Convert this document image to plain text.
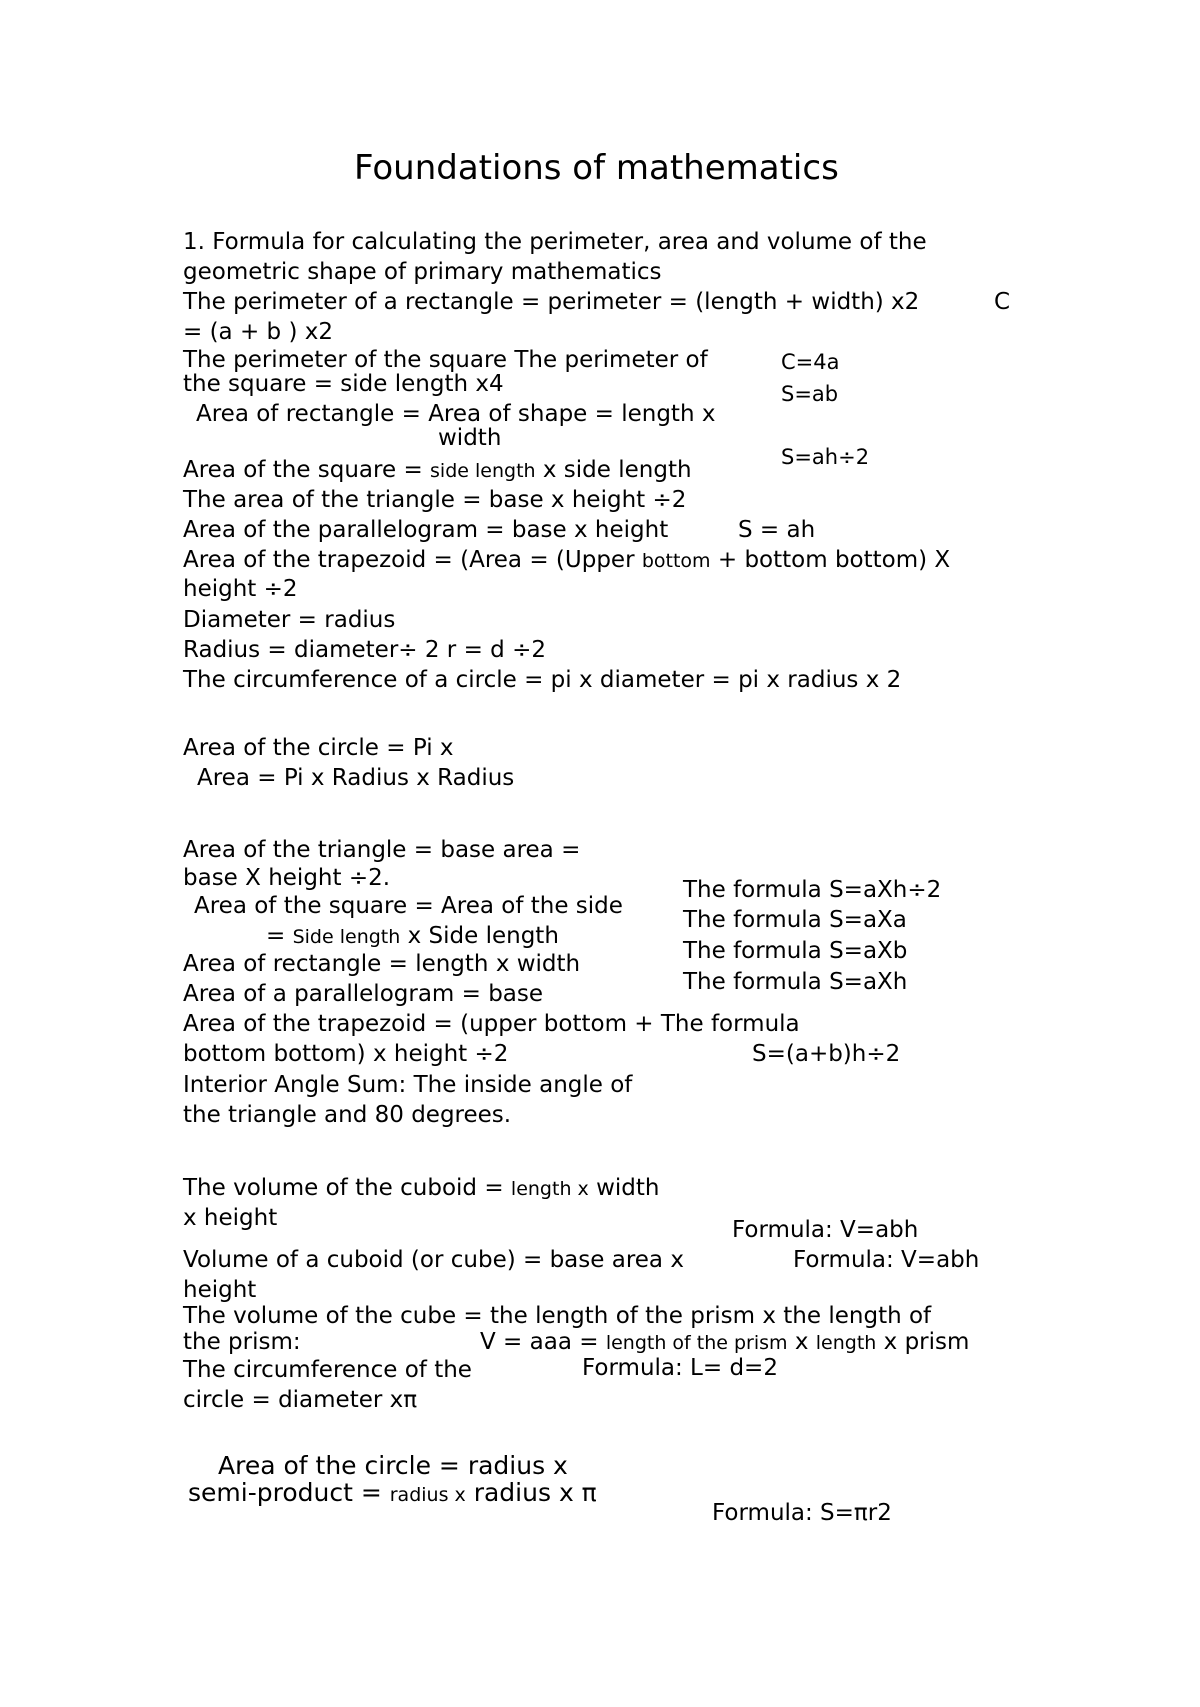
Foundations of mathematics
1. Formula for calculating the perimeter, area and volume of the
geometric shape of primary mathematics
The perimeter of a rectangle = perimeter = (length + width) x2	C
= (a + b ) x2
The perimeter of the square The perimeter of
the square = side length x4
Area of rectangle = Area of shape = length x
width
Area of the square = side length x side length
The area of the triangle = base x height ÷2
Area of the parallelogram = base x height	S = ah
Area of the trapezoid = (Area = (Upper bottom + bottom bottom) X
height ÷2
Diameter = radius
Radius = diameter÷ 2 r = d ÷2
The circumference of a circle = pi x diameter = pi x radius x 2
Area of the circle = Pi x
Area = Pi x Radius x Radius
Area of the triangle = base area =
base X height ÷2.
Area of the square = Area of the side
= Side length x Side length
Area of rectangle = length x width
Area of a parallelogram = base
Area of the trapezoid = (upper bottom + The formula
bottom bottom) x height ÷2	S=(a+b)h÷2
Interior Angle Sum: The inside angle of
the triangle and 80 degrees.
The volume of the cuboid = length x width
x height	Formula: V=abh
Volume of a cuboid (or cube) = base area x	Formula: V=abh
height
The volume of the cube = the length of the prism x the length of
the prism:	V = aaa = length of the prism x length x prism
The circumference of the	Formula: L= d=2
circle = diameter xπ
Area of the circle = radius x
semi-product = radius x radius x π
Formula: S=πr2
C=4a
S=ab
S=ah÷2
The formula S=aXh÷2
The formula S=aXa
The formula S=aXb
The formula S=aXh
